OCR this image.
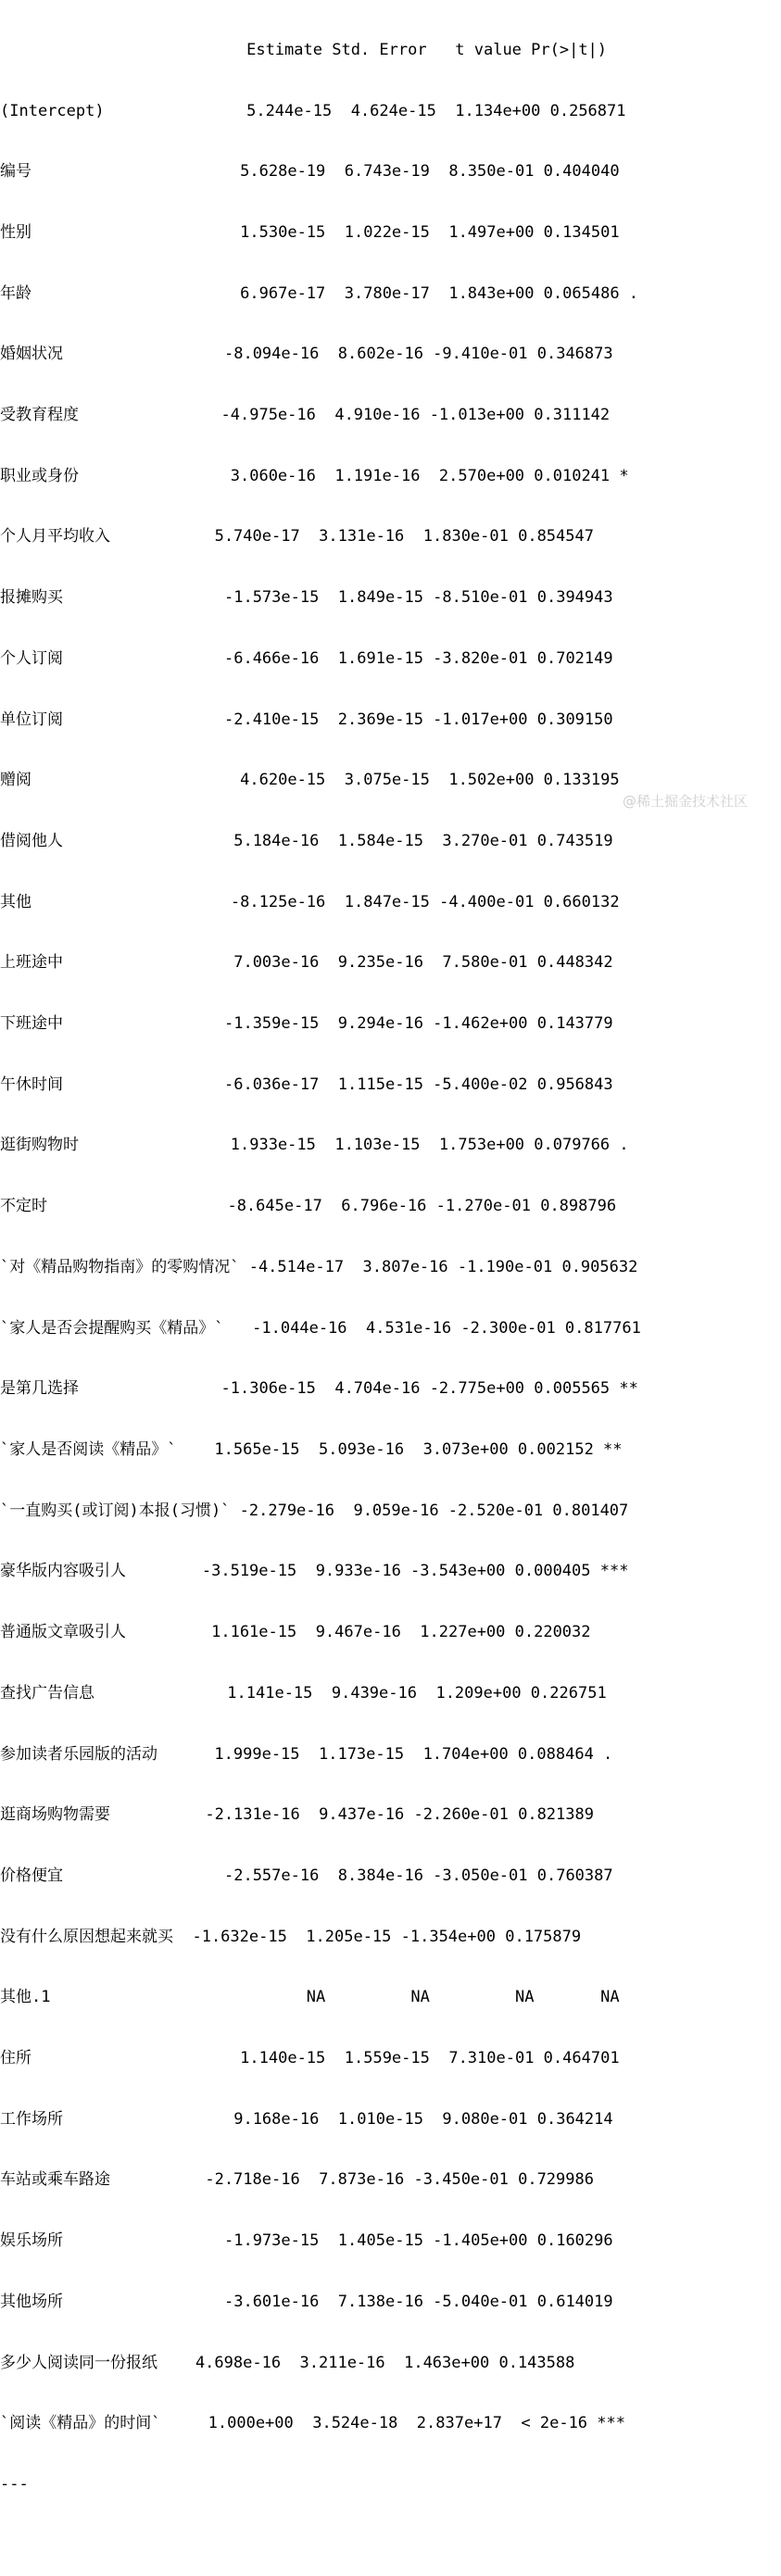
Estimate Std. Error   t value Pr(>|t|)

(Intercept)               5.244e-15  4.624e-15  1.134e+00 0.256871

编号                      5.628e-19  6.743e-19  8.350e-01 0.404040

性别                      1.530e-15  1.022e-15  1.497e+00 0.134501

年龄                      6.967e-17  3.780e-17  1.843e+00 0.065486 .

婚姻状况                 -8.094e-16  8.602e-16 -9.410e-01 0.346873

受教育程度               -4.975e-16  4.910e-16 -1.013e+00 0.311142

职业或身份                3.060e-16  1.191e-16  2.570e+00 0.010241 *

个人月平均收入           5.740e-17  3.131e-16  1.830e-01 0.854547

报摊购买                 -1.573e-15  1.849e-15 -8.510e-01 0.394943

个人订阅                 -6.466e-16  1.691e-15 -3.820e-01 0.702149

单位订阅                 -2.410e-15  2.369e-15 -1.017e+00 0.309150

赠阅                      4.620e-15  3.075e-15  1.502e+00 0.133195

借阅他人                  5.184e-16  1.584e-15  3.270e-01 0.743519

其他                     -8.125e-16  1.847e-15 -4.400e-01 0.660132

上班途中                  7.003e-16  9.235e-16  7.580e-01 0.448342

下班途中                 -1.359e-15  9.294e-16 -1.462e+00 0.143779

午休时间                 -6.036e-17  1.115e-15 -5.400e-02 0.956843

逛街购物时                1.933e-15  1.103e-15  1.753e+00 0.079766 .

不定时                   -8.645e-17  6.796e-16 -1.270e-01 0.898796

`对《精品购物指南》的零购情况` -4.514e-17  3.807e-16 -1.190e-01 0.905632

`家人是否会提醒购买《精品》`   -1.044e-16  4.531e-16 -2.300e-01 0.817761

是第几选择               -1.306e-15  4.704e-16 -2.775e+00 0.005565 **

`家人是否阅读《精品》`    1.565e-15  5.093e-16  3.073e+00 0.002152 **

`一直购买(或订阅)本报(习惯)` -2.279e-16  9.059e-16 -2.520e-01 0.801407

豪华版内容吸引人        -3.519e-15  9.933e-16 -3.543e+00 0.000405 ***

普通版文章吸引人         1.161e-15  9.467e-16  1.227e+00 0.220032

查找广告信息              1.141e-15  9.439e-16  1.209e+00 0.226751

参加读者乐园版的活动      1.999e-15  1.173e-15  1.704e+00 0.088464 .

逛商场购物需要          -2.131e-16  9.437e-16 -2.260e-01 0.821389

价格便宜                 -2.557e-16  8.384e-16 -3.050e-01 0.760387

没有什么原因想起来就买  -1.632e-15  1.205e-15 -1.354e+00 0.175879

其他.1                           NA         NA         NA       NA

住所                      1.140e-15  1.559e-15  7.310e-01 0.464701

工作场所                  9.168e-16  1.010e-15  9.080e-01 0.364214

车站或乘车路途          -2.718e-16  7.873e-16 -3.450e-01 0.729986

娱乐场所                 -1.973e-15  1.405e-15 -1.405e+00 0.160296

其他场所                 -3.601e-16  7.138e-16 -5.040e-01 0.614019

多少人阅读同一份报纸    4.698e-16  3.211e-16  1.463e+00 0.143588

`阅读《精品》的时间`     1.000e+00  3.524e-18  2.837e+17  < 2e-16 ***

---

@稀土掘金技术社区
